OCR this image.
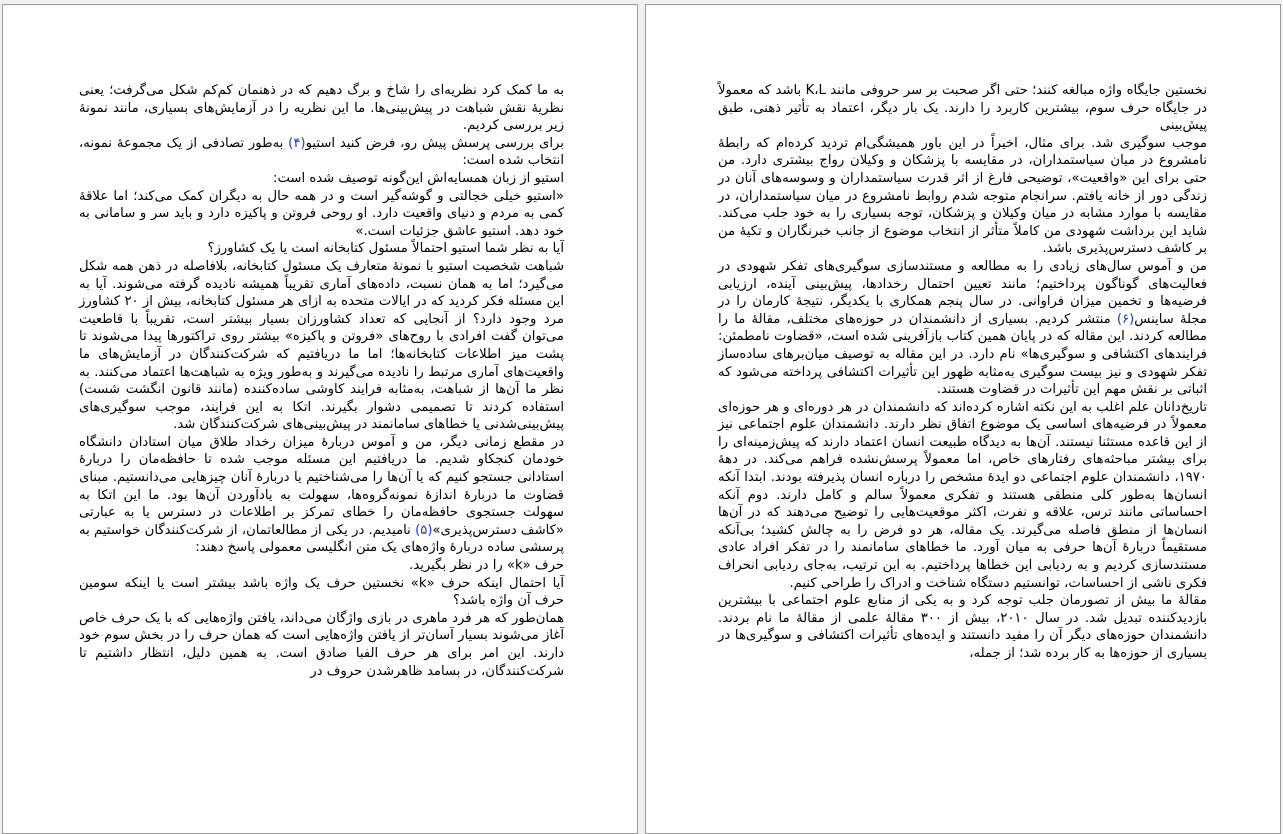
به ما کمک کرد نظریه‌ای را شاخ و برگ دهیم که در ذهنمان کم‌کم شکل می‌گرفت؛ یعنی نظریهٔ نقش شباهت در پیش‌بینی‌ها. ما این نظریه را در آزمایش‌های بسیاری، مانند نمونهٔ زیر بررسی کردیم.

برای بررسی پرسش پیش رو، فرض کنید استیو(۴) به‌طور تصادفی از یک مجموعهٔ نمونه، انتخاب شده است:

استیو از زبان همسایه‌اش این‌گونه توصیف شده است:

«استیو خیلی خجالتی و گوشه‌گیر است و در همه حال به دیگران کمک می‌کند؛ اما علاقهٔ کمی به مردم و دنیای واقعیت دارد. او روحی فروتن و پاکیزه دارد و باید سر و سامانی به خود دهد. استیو عاشق جزئیات است.»

آیا به نظر شما استیو احتمالاً مسئول کتابخانه است یا یک کشاورز؟

شباهت شخصیت استیو با نمونهٔ متعارف یک مسئول کتابخانه، بلافاصله در ذهن همه شکل می‌گیرد؛ اما به همان نسبت، داده‌های آماری تقریباً همیشه نادیده گرفته می‌شوند. آیا به این مسئله فکر کردید که در ایالات متحده به ازای هر مسئول کتابخانه، بیش از ۲۰ کشاورز مرد وجود دارد؟ از آنجایی که تعداد کشاورزان بسیار بیشتر است، تقریباً با قاطعیت می‌توان گفت افرادی با روح‌های «فروتن و پاکیزه» بیشتر روی تراکتورها پیدا می‌شوند تا پشت میز اطلاعات کتابخانه‌ها؛ اما ما دریافتیم که شرکت‌کنندگان در آزمایش‌های ما واقعیت‌های آماری مرتبط را نادیده می‌گیرند و به‌طور ویژه به شباهت‌ها اعتماد می‌کنند. به نظر ما آن‌ها از شباهت، به‌مثابه فرایند کاوشی ساده‌کننده (مانند قانون انگشت شست) استفاده کردند تا تصمیمی دشوار بگیرند. اتکا به این فرایند، موجب سوگیری‌های پیش‌بینی‌شدنی یا خطاهای سامانمند در پیش‌بینی‌های شرکت‌کنندگان شد.

در مقطع زمانی دیگر، من و آموس دربارهٔ میزان رخداد طلاق میان استادان دانشگاه خودمان کنجکاو شدیم. ما دریافتیم این مسئله موجب شده تا حافظه‌مان را دربارهٔ استادانی جستجو کنیم که یا آن‌ها را می‌شناختیم یا دربارهٔ آنان چیزهایی می‌دانستیم. مبنای قضاوت ما دربارهٔ اندازهٔ نمونه‌گروه‌ها، سهولت به یادآوردن آن‌ها بود. ما این اتکا به سهولت جستجوی حافظه‌مان را خطای تمرکز بر اطلاعات در دسترس یا به عبارتی «کاشف دسترس‌پذیری»(۵) نامیدیم. در یکی از مطالعاتمان، از شرکت‌کنندگان خواستیم به پرسشی ساده دربارهٔ واژه‌های یک متن انگلیسی معمولی پاسخ دهند:

حرف «k» را در نظر بگیرید.

آیا احتمال اینکه حرف «k» نخستین حرف یک واژه باشد بیشتر است یا اینکه سومین حرف آن واژه باشد؟

همان‌طور که هر فرد ماهری در بازی واژگان می‌داند، یافتن واژه‌هایی که با یک حرف خاص آغاز می‌شوند بسیار آسان‌تر از یافتن واژه‌هایی است که همان حرف را در بخش سوم خود دارند. این امر برای هر حرف الفبا صادق است. به همین دلیل، انتظار داشتیم تا شرکت‌کنندگان، در بسامد ظاهرشدن حروف در

نخستین جایگاه واژه مبالغه کنند؛ حتی اگر صحبت بر سر حروفی مانند K،L باشد که معمولاً در جایگاه حرف سوم، بیشترین کاربرد را دارند. یک بار دیگر، اعتماد به تأثیر ذهنی، طبق پیش‌بینی

موجب سوگیری شد. برای مثال، اخیراً در این باور همیشگی‌ام تردید کرده‌ام که رابطهٔ نامشروع در میان سیاستمداران، در مقایسه با پزشکان و وکیلان رواج بیشتری دارد. من حتی برای این «واقعیت»، توضیحی فارغ از اثر قدرت سیاستمداران و وسوسه‌های آنان در زندگی دور از خانه یافتم. سرانجام متوجه شدم روابط نامشروع در میان سیاستمداران، در مقایسه با موارد مشابه در میان وکیلان و پزشکان، توجه بسیاری را به خود جلب می‌کند. شاید این برداشت شهودی من کاملاً متأثر از انتخاب موضوع از جانب خبرنگاران و تکیهٔ من بر کاشف دسترس‌پذیری باشد.

من و آموس سال‌های زیادی را به مطالعه و مستندسازی سوگیری‌های تفکر شهودی در فعالیت‌های گوناگون پرداختیم؛ مانند تعیین احتمال رخدادها، پیش‌بینی آینده، ارزیابی فرضیه‌ها و تخمین میزان فراوانی. در سال پنجم همکاری با یکدیگر، نتیجهٔ کارمان را در مجلهٔ ساینس(۶) منتشر کردیم. بسیاری از دانشمندان در حوزه‌های مختلف، مقالهٔ ما را مطالعه کردند. این مقاله که در پایان همین کتاب بازآفرینی شده است، «قضاوت نامطمئن: فرایندهای اکتشافی و سوگیری‌ها» نام دارد. در این مقاله به توصیف میان‌برهای ساده‌ساز تفکر شهودی و نیز بیست سوگیری به‌مثابه ظهور این تأثیرات اکتشافی پرداخته می‌شود که اثباتی بر نقش مهم این تأثیرات در قضاوت هستند.

تاریخ‌دانان علم اغلب به این نکته اشاره کرده‌اند که دانشمندان در هر دوره‌ای و هر حوزه‌ای معمولاً در فرضیه‌های اساسی یک موضوع اتفاق نظر دارند. دانشمندان علوم اجتماعی نیز از این قاعده مستثنا نیستند. آن‌ها به دیدگاه طبیعت انسان اعتماد دارند که پیش‌زمینه‌ای را برای بیشتر مباحثه‌های رفتارهای خاص، اما معمولاً پرسش‌نشده فراهم می‌کند. در دههٔ ۱۹۷۰، دانشمندان علوم اجتماعی دو ایدهٔ مشخص را درباره انسان پذیرفته بودند. ابتدا آنکه انسان‌ها به‌طور کلی منطقی هستند و تفکری معمولاً سالم و کامل دارند. دوم آنکه احساساتی مانند ترس، علاقه و نفرت، اکثر موقعیت‌هایی را توضیح می‌دهند که در آن‌ها انسان‌ها از منطق فاصله می‌گیرند. یک مقاله، هر دو فرض را به چالش کشید؛ بی‌آنکه مستقیماً دربارهٔ آن‌ها حرفی به میان آورد. ما خطاهای سامانمند را در تفکر افراد عادی مستندسازی کردیم و به ردیابی این خطاها پرداختیم. به این ترتیب، به‌جای ردیابی انحراف فکری ناشی از احساسات، توانستیم دستگاه شناخت و ادراک را طراحی کنیم.

مقالهٔ ما بیش از تصورمان جلب توجه کرد و به یکی از منابع علوم اجتماعی با بیشترین بازدیدکننده تبدیل شد. در سال ۲۰۱۰، بیش از ۳۰۰ مقالهٔ علمی از مقالهٔ ما نام بردند. دانشمندان حوزه‌های دیگر آن را مفید دانستند و ایده‌های تأثیرات اکتشافی و سوگیری‌ها در بسیاری از حوزه‌ها به کار برده شد؛ از جمله،
